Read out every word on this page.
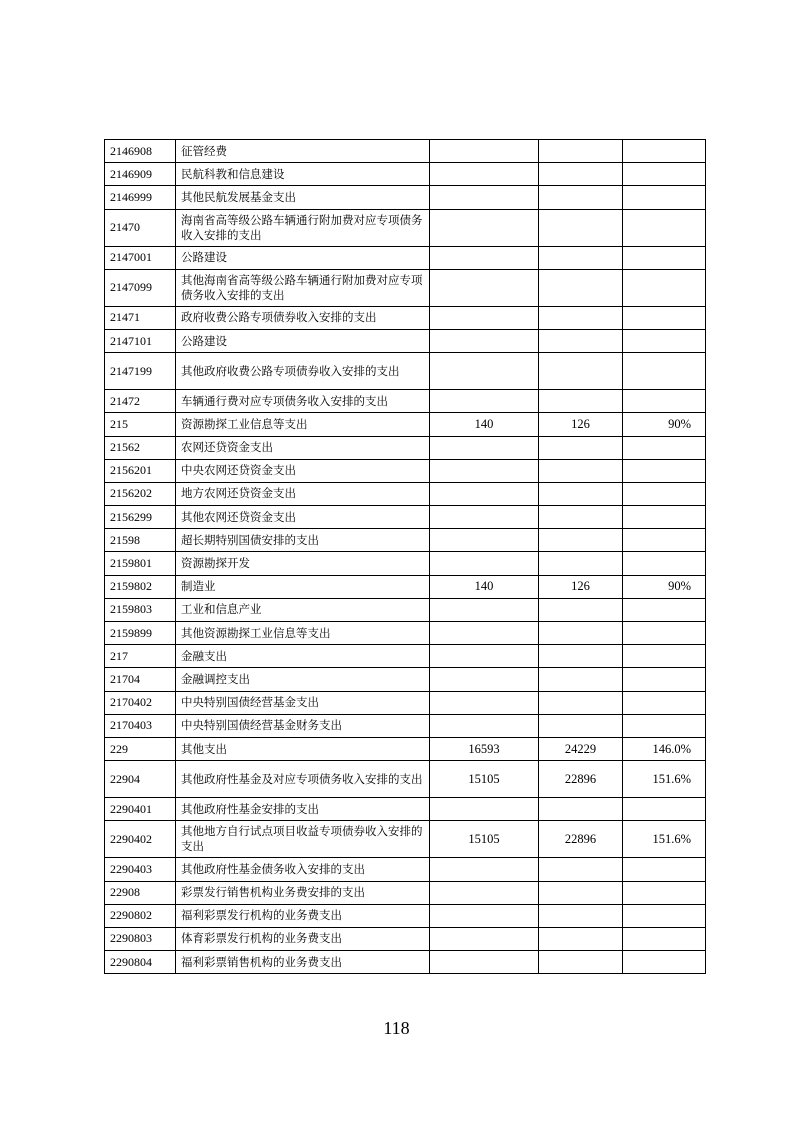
2146908	征管经费			
2146909	民航科教和信息建设			
2146999	其他民航发展基金支出			
21470	海南省高等级公路车辆通行附加费对应专项债务收入安排的支出			
2147001	公路建设			
2147099	其他海南省高等级公路车辆通行附加费对应专项债务收入安排的支出			
21471	政府收费公路专项债券收入安排的支出			
2147101	公路建设			
2147199	其他政府收费公路专项债券收入安排的支出			
21472	车辆通行费对应专项债务收入安排的支出			
215	资源勘探工业信息等支出	140	126	90%
21562	农网还贷资金支出			
2156201	中央农网还贷资金支出			
2156202	地方农网还贷资金支出			
2156299	其他农网还贷资金支出			
21598	超长期特别国债安排的支出			
2159801	资源勘探开发			
2159802	制造业	140	126	90%
2159803	工业和信息产业			
2159899	其他资源勘探工业信息等支出			
217	金融支出			
21704	金融调控支出			
2170402	中央特别国债经营基金支出			
2170403	中央特别国债经营基金财务支出			
229	其他支出	16593	24229	146.0%
22904	其他政府性基金及对应专项债务收入安排的支出	15105	22896	151.6%
2290401	其他政府性基金安排的支出			
2290402	其他地方自行试点项目收益专项债券收入安排的支出	15105	22896	151.6%
2290403	其他政府性基金债务收入安排的支出			
22908	彩票发行销售机构业务费安排的支出			
2290802	福利彩票发行机构的业务费支出			
2290803	体育彩票发行机构的业务费支出			
2290804	福利彩票销售机构的业务费支出			
118
